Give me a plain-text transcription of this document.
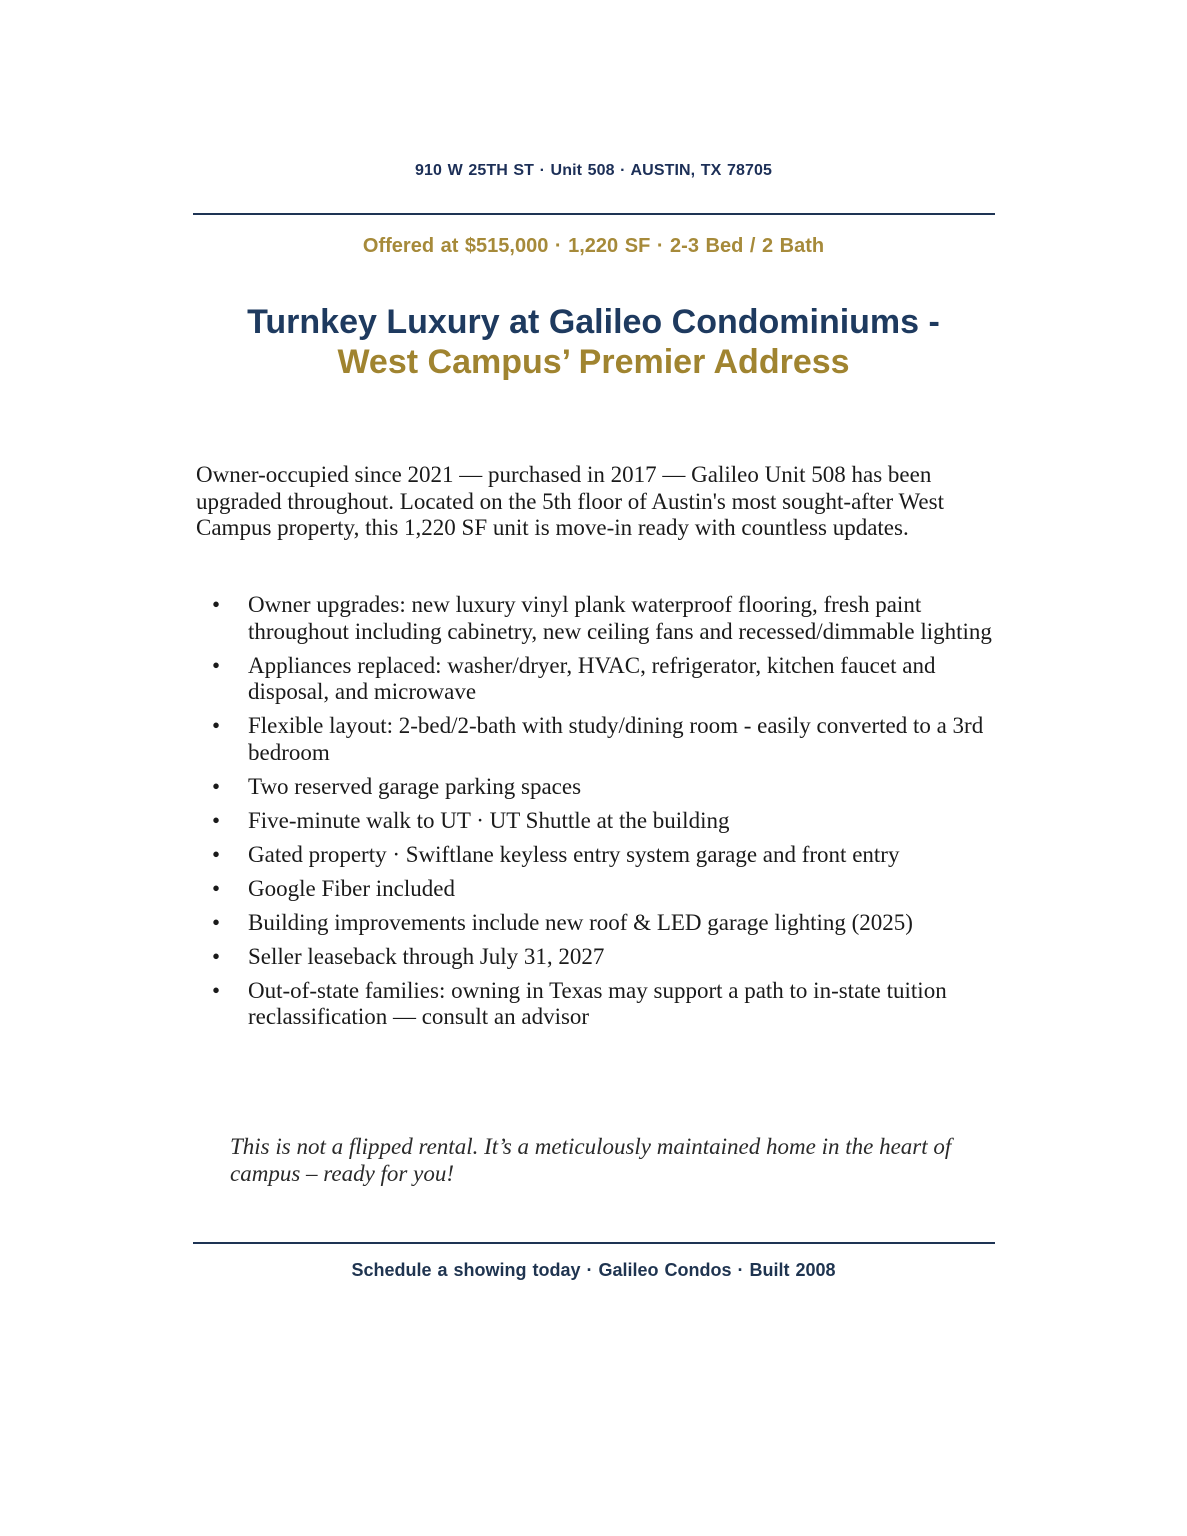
910 W 25TH ST · Unit 508 · AUSTIN, TX 78705
Offered at $515,000 · 1,220 SF · 2-3 Bed / 2 Bath
Turnkey Luxury at Galileo Condominiums -
West Campus’ Premier Address
Owner-occupied since 2021 — purchased in 2017 — Galileo Unit 508 has been upgraded throughout. Located on the 5th floor of Austin's most sought-after West Campus property, this 1,220 SF unit is move-in ready with countless updates.
• Owner upgrades: new luxury vinyl plank waterproof flooring, fresh paint throughout including cabinetry, new ceiling fans and recessed/dimmable lighting
• Appliances replaced: washer/dryer, HVAC, refrigerator, kitchen faucet and disposal, and microwave
• Flexible layout: 2-bed/2-bath with study/dining room - easily converted to a 3rd bedroom
• Two reserved garage parking spaces
• Five-minute walk to UT · UT Shuttle at the building
• Gated property · Swiftlane keyless entry system garage and front entry
• Google Fiber included
• Building improvements include new roof & LED garage lighting (2025)
• Seller leaseback through July 31, 2027
• Out-of-state families: owning in Texas may support a path to in-state tuition reclassification — consult an advisor
This is not a flipped rental. It’s a meticulously maintained home in the heart of campus – ready for you!
Schedule a showing today · Galileo Condos · Built 2008
